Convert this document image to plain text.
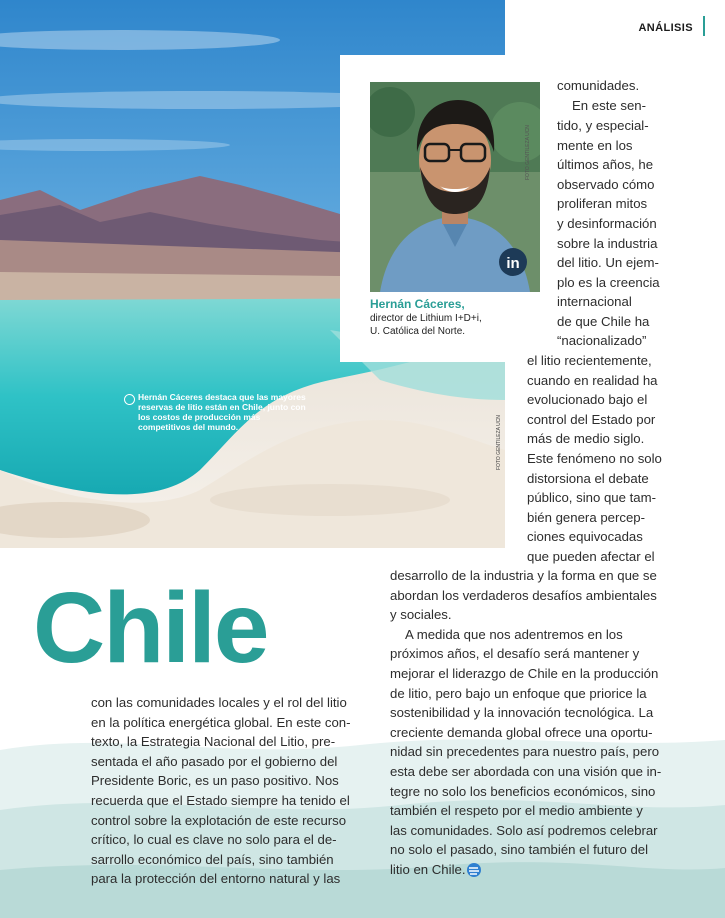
ANÁLISIS
Hernán Cáceres destaca que las mayores reservas de litio están en Chile, junto con los costos de producción más competitivos del mundo.	FOTO GENTILEZA UCN
in
FOTO GENTILEZA UCN
Hernán Cáceres,
director de Lithium I+D+i,
U. Católica del Norte.
Chile
comunidades.
En este sen-
tido, y especial-
mente en los
últimos años, he
observado cómo
proliferan mitos
y desinformación
sobre la industria
del litio. Un ejem-
plo es la creencia
internacional
de que Chile ha
“nacionalizado”
el litio recientemente,
cuando en realidad ha
evolucionado bajo el
control del Estado por
más de medio siglo.
Este fenómeno no solo
distorsiona el debate
público, sino que tam-
bién genera percep-
ciones equivocadas
que pueden afectar el
desarrollo de la industria y la forma en que se
abordan los verdaderos desafíos ambientales
y sociales.
A medida que nos adentremos en los
próximos años, el desafío será mantener y
mejorar el liderazgo de Chile en la producción
de litio, pero bajo un enfoque que priorice la
sostenibilidad y la innovación tecnológica. La
creciente demanda global ofrece una oportu-
nidad sin precedentes para nuestro país, pero
esta debe ser abordada con una visión que in-
tegre no solo los beneficios económicos, sino
también el respeto por el medio ambiente y
las comunidades. Solo así podremos celebrar
no solo el pasado, sino también el futuro del
litio en Chile.
con las comunidades locales y el rol del litio
en la política energética global. En este con-
texto, la Estrategia Nacional del Litio, pre-
sentada el año pasado por el gobierno del
Presidente Boric, es un paso positivo. Nos
recuerda que el Estado siempre ha tenido el
control sobre la explotación de este recurso
crítico, lo cual es clave no solo para el de-
sarrollo económico del país, sino también
para la protección del entorno natural y las
